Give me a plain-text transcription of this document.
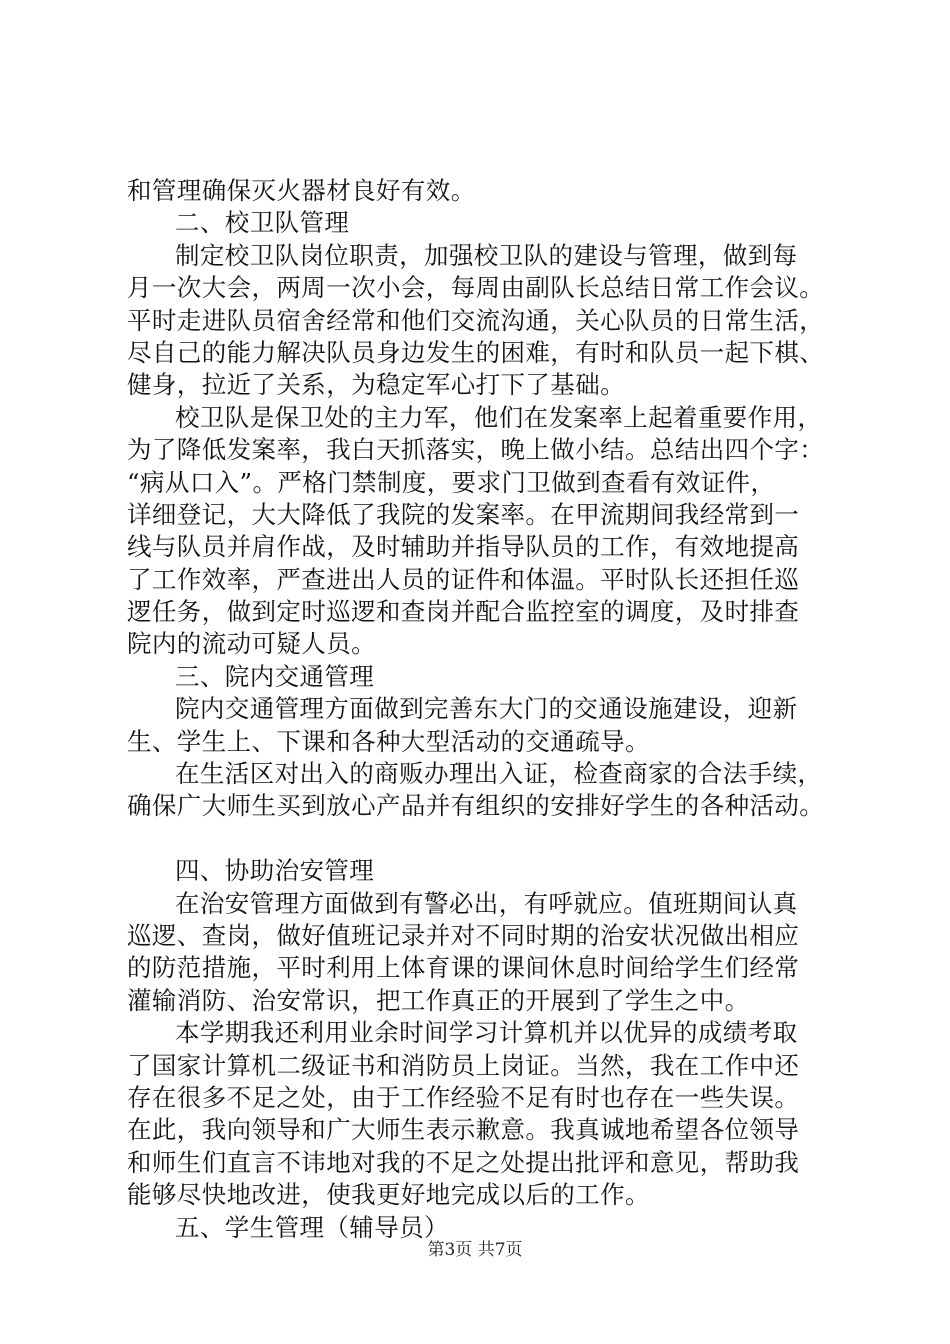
和管理确保灭火器材良好有效。
二、校卫队管理
制定校卫队岗位职责，加强校卫队的建设与管理，做到每
月一次大会，两周一次小会，每周由副队长总结日常工作会议。
平时走进队员宿舍经常和他们交流沟通，关心队员的日常生活，
尽自己的能力解决队员身边发生的困难，有时和队员一起下棋、
健身，拉近了关系，为稳定军心打下了基础。
校卫队是保卫处的主力军，他们在发案率上起着重要作用，
为了降低发案率，我白天抓落实，晚上做小结。总结出四个字：
“病从口入”。严格门禁制度，要求门卫做到查看有效证件，
详细登记，大大降低了我院的发案率。在甲流期间我经常到一
线与队员并肩作战，及时辅助并指导队员的工作，有效地提高
了工作效率，严查进出人员的证件和体温。平时队长还担任巡
逻任务，做到定时巡逻和查岗并配合监控室的调度，及时排查
院内的流动可疑人员。
三、院内交通管理
院内交通管理方面做到完善东大门的交通设施建设，迎新
生、学生上、下课和各种大型活动的交通疏导。
在生活区对出入的商贩办理出入证，检查商家的合法手续，
确保广大师生买到放心产品并有组织的安排好学生的各种活动。
四、协助治安管理
在治安管理方面做到有警必出，有呼就应。值班期间认真
巡逻、查岗，做好值班记录并对不同时期的治安状况做出相应
的防范措施，平时利用上体育课的课间休息时间给学生们经常
灌输消防、治安常识，把工作真正的开展到了学生之中。
本学期我还利用业余时间学习计算机并以优异的成绩考取
了国家计算机二级证书和消防员上岗证。当然，我在工作中还
存在很多不足之处，由于工作经验不足有时也存在一些失误。
在此，我向领导和广大师生表示歉意。我真诚地希望各位领导
和师生们直言不讳地对我的不足之处提出批评和意见，帮助我
能够尽快地改进，使我更好地完成以后的工作。
五、学生管理（辅导员）
第3页 共7页
